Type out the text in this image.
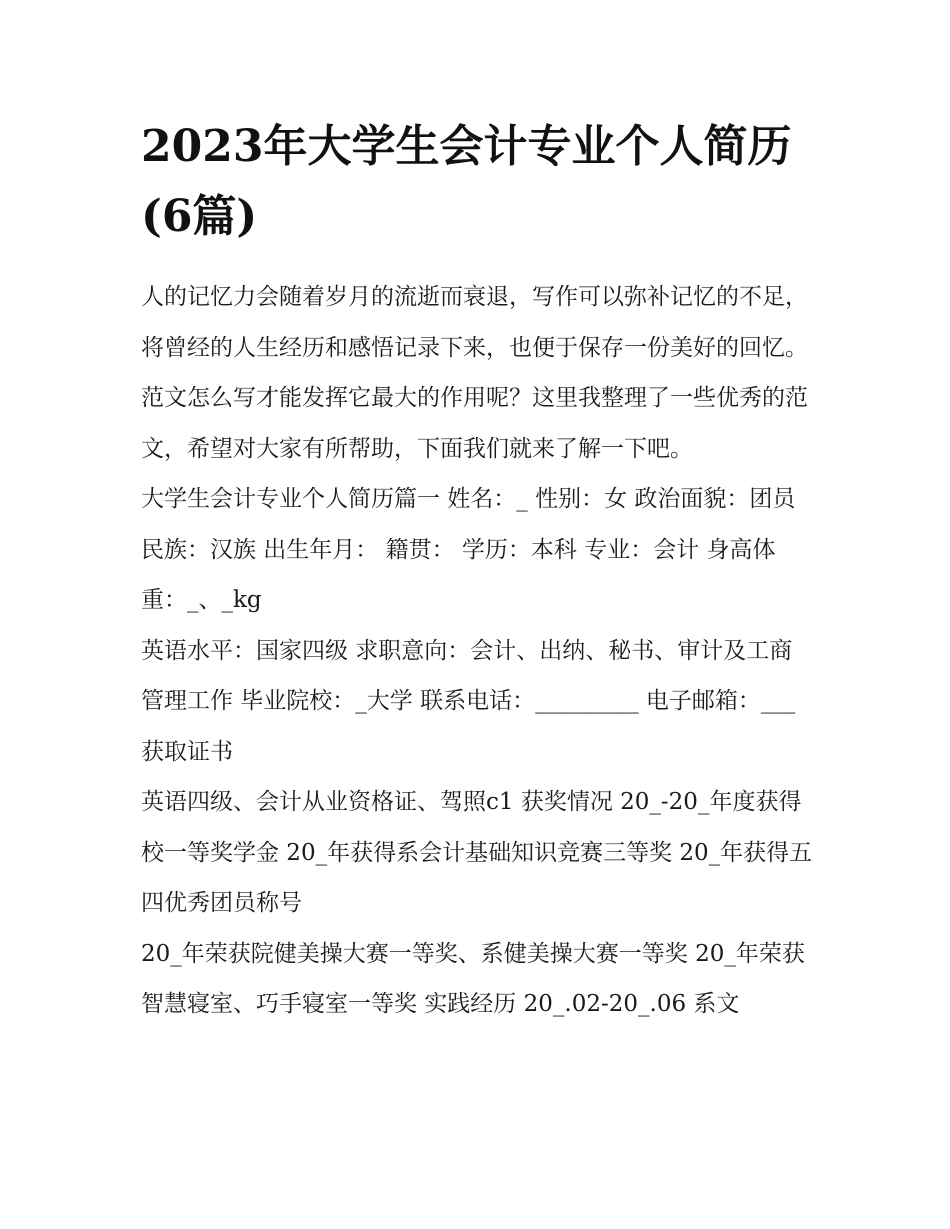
2023年大学生会计专业个人简历(6篇)

人的记忆力会随着岁月的流逝而衰退，写作可以弥补记忆的不足，将曾经的人生经历和感悟记录下来，也便于保存一份美好的回忆。范文怎么写才能发挥它最大的作用呢？这里我整理了一些优秀的范文，希望对大家有所帮助，下面我们就来了解一下吧。

大学生会计专业个人简历篇一 姓名：_ 性别：女 政治面貌：团员 民族：汉族 出生年月： 籍贯： 学历：本科 专业：会计 身高体重：_、_kg

英语水平：国家四级 求职意向：会计、出纳、秘书、审计及工商管理工作 毕业院校：_大学 联系电话：_________ 电子邮箱：___ 获取证书

英语四级、会计从业资格证、驾照c1 获奖情况 20_-20_年度获得校一等奖学金 20_年获得系会计基础知识竞赛三等奖 20_年获得五四优秀团员称号

20_年荣获院健美操大赛一等奖、系健美操大赛一等奖 20_年荣获智慧寝室、巧手寝室一等奖 实践经历 20_.02-20_.06 系文
